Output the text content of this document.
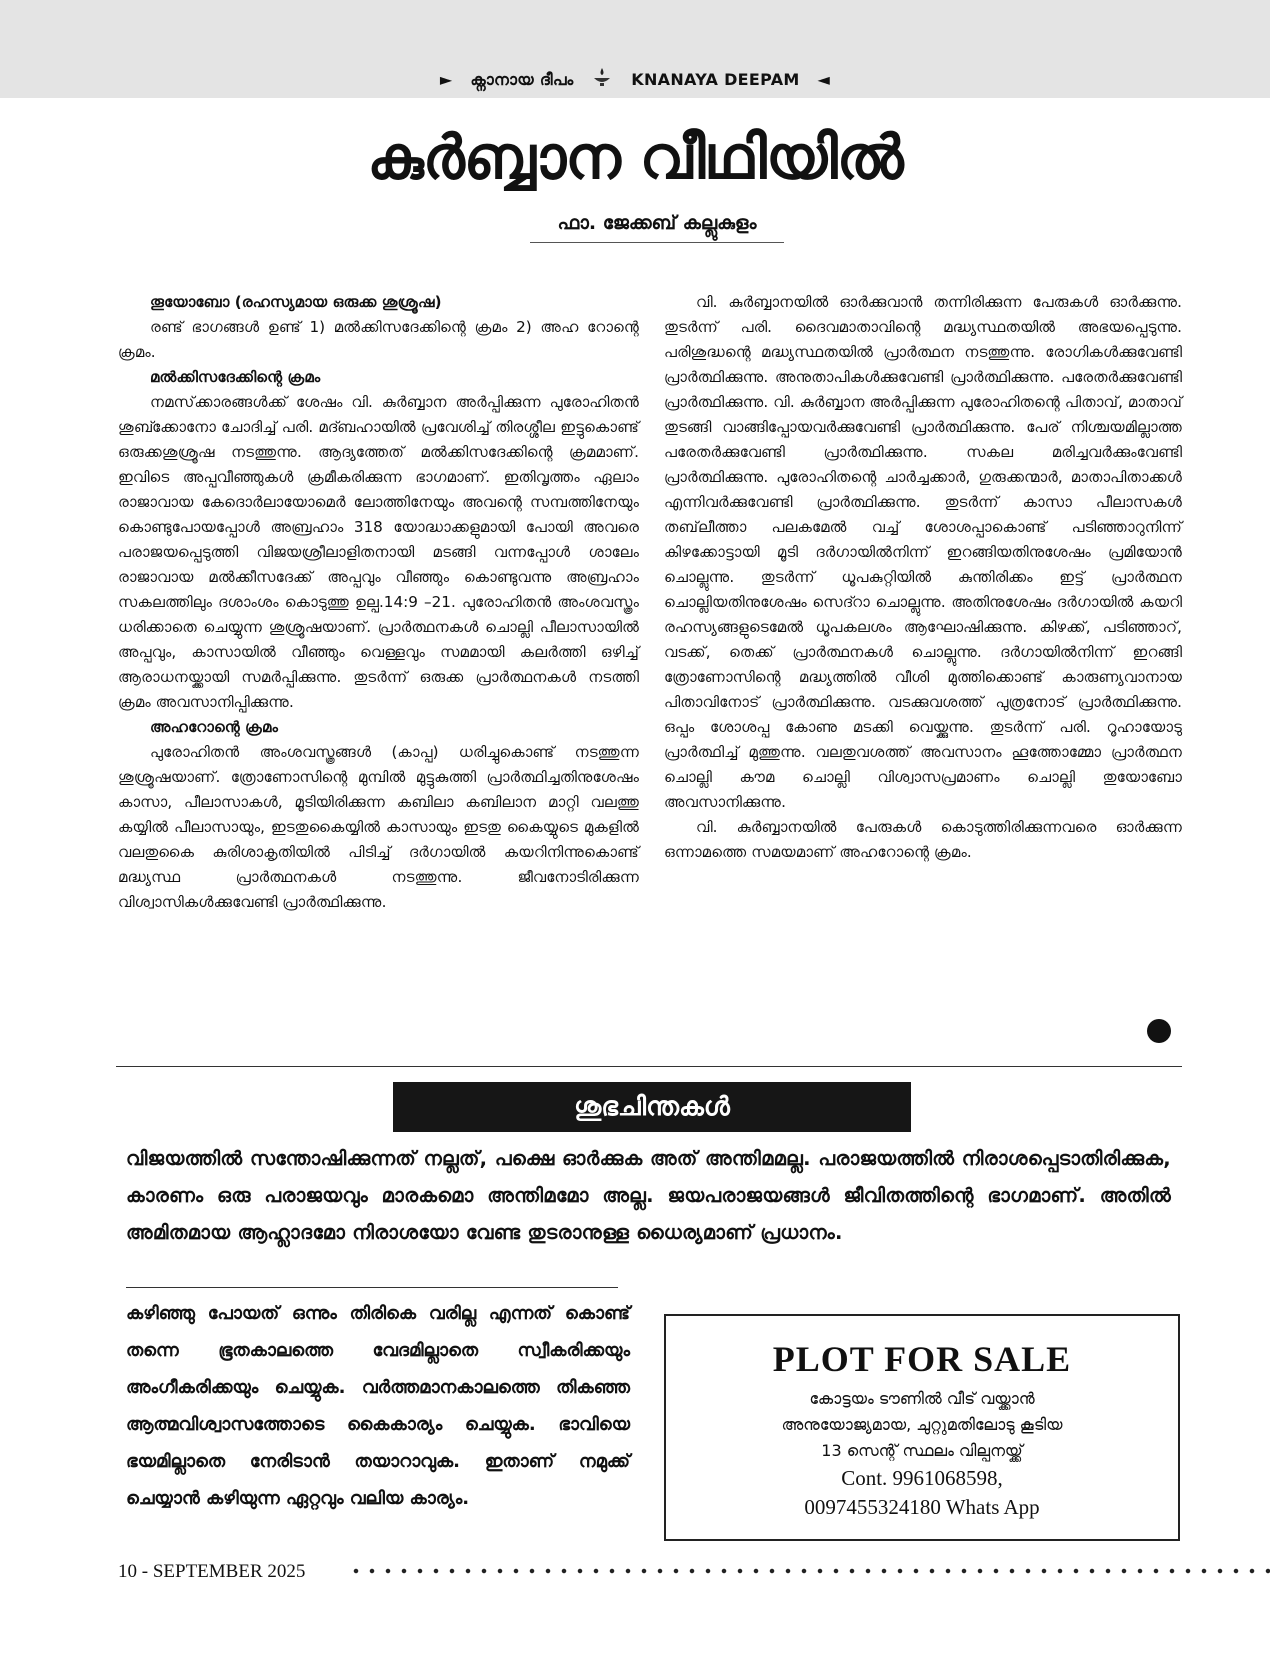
► ക്നാനായ ദീപം	KNANAYA DEEPAM ◄
കുർബ്ബാന വീഥിയിൽ
ഫാ. ജേക്കബ് കല്ലുകുളം

തൂയോബോ (രഹസ്യമായ ഒരുക്ക ശുശ്രൂഷ)

രണ്ട് ഭാഗങ്ങൾ ഉണ്ട് 1) മൽക്കിസദേക്കിന്റെ ക്രമം 2) അഹ റോന്റെ ക്രമം.

മൽക്കിസദേക്കിന്റെ ക്രമം

നമസ്‌ക്കാരങ്ങൾക്ക് ശേഷം വി. കുർബ്ബാന അർപ്പിക്കുന്ന പുരോഹിതൻ ശുബ്ക്കോനോ ചോദിച്ച് പരി. മദ്ബഹായിൽ പ്രവേശിച്ച് തിരശ്ശീല ഇട്ടുകൊണ്ട് ഒരുക്കശുശ്രൂഷ നടത്തുന്നു. ആദ്യത്തേത് മൽക്കിസദേക്കിന്റെ ക്രമമാണ്. ഇവിടെ അപ്പവീഞ്ഞുകൾ ക്രമീകരിക്കുന്ന ഭാഗമാണ്. ഇതിവൃത്തം ഏലാം രാജാവായ കേദൊർലായോമെർ ലോത്തിനേയും അവന്റെ സമ്പത്തിനേയും കൊണ്ടുപോയപ്പോൾ അബ്രഹാം 318 യോദ്ധാക്കളുമായി പോയി അവരെ പരാജയപ്പെടുത്തി വിജയശ്രീലാളിതനായി മടങ്ങി വന്നപ്പോൾ ശാലേം രാജാവായ മൽക്കീസദേക്ക് അപ്പവും വീഞ്ഞും കൊണ്ടുവന്നു അബ്രഹാം സകലത്തിലും ദശാംശം കൊടുത്തു ഉല്പ.14:9 –21. പുരോഹിതൻ അംശവസ്ത്രം ധരിക്കാതെ ചെയ്യുന്ന ശുശ്രൂഷയാണ്. പ്രാർത്ഥനകൾ ചൊല്ലി പീലാസായിൽ അപ്പവും, കാസായിൽ വീഞ്ഞും വെള്ളവും സമമായി കലർത്തി ഒഴിച്ച് ആരാധനയ്ക്കായി സമർപ്പിക്കുന്നു. തുടർന്ന് ഒരുക്ക പ്രാർത്ഥനകൾ നടത്തി ക്രമം അവസാനിപ്പിക്കുന്നു.

അഹറോന്റെ ക്രമം

പുരോഹിതൻ അംശവസ്ത്രങ്ങൾ (കാപ്പ) ധരിച്ചുകൊണ്ട് നടത്തുന്ന ശുശ്രൂഷയാണ്. ത്രോണോസിന്റെ മുമ്പിൽ മുട്ടുകുത്തി പ്രാർത്ഥിച്ചതിനുശേഷം കാസാ, പീലാസാകൾ, മൂടിയിരിക്കുന്ന കബിലാ കബിലാന മാറ്റി വലത്തു കയ്യിൽ പീലാസായും, ഇടതുകൈയ്യിൽ കാസായും ഇടതു കൈയ്യുടെ മുകളിൽ വലതുകൈ കുരിശാകൃതിയിൽ പിടിച്ച് ദർഗായിൽ കയറിനിന്നുകൊണ്ട് മദ്ധ്യസ്ഥ പ്രാർത്ഥനകൾ നടത്തുന്നു. ജീവനോടിരിക്കുന്ന വിശ്വാസികൾക്കുവേണ്ടി പ്രാർത്ഥിക്കുന്നു.

വി. കുർബ്ബാനയിൽ ഓർക്കുവാൻ തന്നിരിക്കുന്ന പേരുകൾ ഓർക്കുന്നു. തുടർന്ന് പരി. ദൈവമാതാവിന്റെ മദ്ധ്യസ്ഥതയിൽ അഭയപ്പെടുന്നു. പരിശുദ്ധന്റെ മദ്ധ്യസ്ഥതയിൽ പ്രാർത്ഥന നടത്തുന്നു. രോഗികൾക്കുവേണ്ടി പ്രാർത്ഥിക്കുന്നു. അനുതാപികൾക്കുവേണ്ടി പ്രാർത്ഥിക്കുന്നു. പരേതർക്കുവേണ്ടി പ്രാർത്ഥിക്കുന്നു. വി. കുർബ്ബാന അർപ്പിക്കുന്ന പുരോഹിതന്റെ പിതാവ്, മാതാവ് തുടങ്ങി വാങ്ങിപ്പോയവർക്കുവേണ്ടി പ്രാർത്ഥിക്കുന്നു. പേര് നിശ്ചയമില്ലാത്ത പരേതർക്കുവേണ്ടി പ്രാർത്ഥിക്കുന്നു. സകല മരിച്ചവർക്കുംവേണ്ടി പ്രാർത്ഥിക്കുന്നു. പുരോഹിതന്റെ ചാർച്ചക്കാർ, ഗുരുക്കന്മാർ, മാതാപിതാക്കൾ എന്നിവർക്കുവേണ്ടി പ്രാർത്ഥിക്കുന്നു. തുടർന്ന് കാസാ പീലാസകൾ തബ്‌ലീത്താ പലകമേൽ വച്ച് ശോശപ്പാകൊണ്ട് പടിഞ്ഞാറുനിന്ന് കിഴക്കോട്ടായി മൂടി ദർഗായിൽനിന്ന് ഇറങ്ങിയതിനുശേഷം പ്രമിയോൻ ചൊല്ലുന്നു. തുടർന്ന് ധൂപകുറ്റിയിൽ കുന്തിരിക്കം ഇട്ട് പ്രാർത്ഥന ചൊല്ലിയതിനുശേഷം സെദ്റാ ചൊല്ലുന്നു. അതിനുശേഷം ദർഗായിൽ കയറി രഹസ്യങ്ങളുടെമേൽ ധൂപകലശം ആഘോഷിക്കുന്നു. കിഴക്ക്, പടിഞ്ഞാറ്, വടക്ക്, തെക്ക് പ്രാർത്ഥനകൾ ചൊല്ലുന്നു. ദർഗായിൽനിന്ന് ഇറങ്ങി ത്രോണോസിന്റെ മദ്ധ്യത്തിൽ വീശി മുത്തിക്കൊണ്ട് കാരുണ്യവാനായ പിതാവിനോട് പ്രാർത്ഥിക്കുന്നു. വടക്കുവശത്ത് പുത്രനോട് പ്രാർത്ഥിക്കുന്നു. ഒപ്പം ശോശപ്പ കോണു മടക്കി വെയ്ക്കുന്നു. തുടർന്ന് പരി. റൂഹായോടു പ്രാർത്ഥിച്ച് മുത്തുന്നു. വലതുവശത്ത് അവസാനം ഹൂത്തോമ്മോ പ്രാർത്ഥന ചൊല്ലി കൗമ ചൊല്ലി വിശ്വാസപ്രമാണം ചൊല്ലി തുയോബോ അവസാനിക്കുന്നു.

വി. കുർബ്ബാനയിൽ പേരുകൾ കൊടുത്തിരിക്കുന്നവരെ ഓർക്കുന്ന ഒന്നാമത്തെ സമയമാണ് അഹറോന്റെ ക്രമം.

ശുഭചിന്തകൾ
വിജയത്തിൽ സന്തോഷിക്കുന്നത് നല്ലത്, പക്ഷെ ഓർക്കുക അത് അന്തിമമല്ല. പരാജയത്തിൽ നിരാശപ്പെടാതിരിക്കുക, കാരണം ഒരു പരാജയവും മാരകമൊ അന്തിമമോ അല്ല. ജയപരാജയങ്ങൾ ജീവിതത്തിന്റെ ഭാഗമാണ്. അതിൽ അമിതമായ ആഹ്ലാദമോ നിരാശയോ വേണ്ട തുടരാനുള്ള ധൈര്യമാണ് പ്രധാനം.
കഴിഞ്ഞു പോയത് ഒന്നും തിരികെ വരില്ല എന്നത് കൊണ്ട് തന്നെ ഭൂതകാലത്തെ വേദമില്ലാതെ സ്വീകരിക്കയും അംഗീകരിക്കയും ചെയ്യുക. വർത്തമാനകാലത്തെ തികഞ്ഞ ആത്മവിശ്വാസത്തോടെ കൈകാര്യം ചെയ്യുക. ഭാവിയെ ഭയമില്ലാതെ നേരിടാൻ തയാറാവുക. ഇതാണ് നമുക്ക് ചെയ്യാൻ കഴിയുന്ന ഏറ്റവും വലിയ കാര്യം.
PLOT FOR SALE
കോട്ടയം ടൗണിൽ വീട് വയ്ക്കാൻ
അനുയോജ്യമായ, ചുറ്റുമതിലോടു കൂടിയ
13 സെന്റ് സ്ഥലം വില്പനയ്ക്ക്
Cont. 9961068598,
0097455324180 Whats App
10 - SEPTEMBER 2025
